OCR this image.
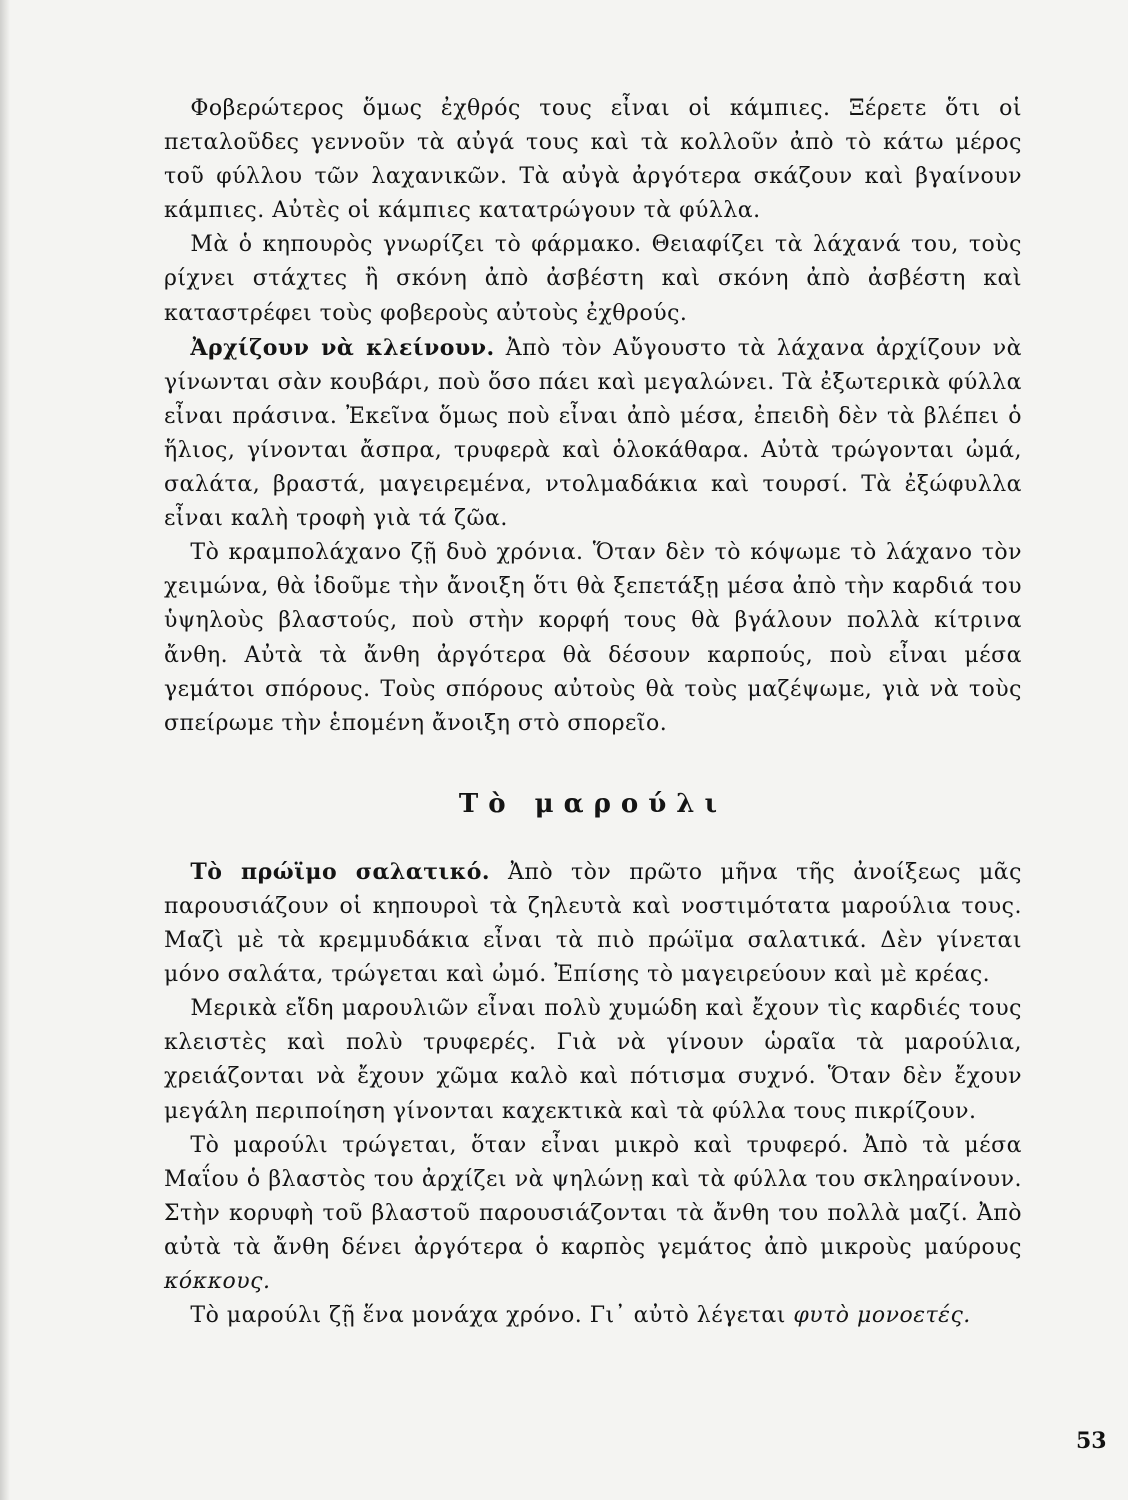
Φοβερώτερος ὅμως ἐχθρός τους εἶναι οἱ κάμπιες. Ξέρετε ὅτι οἱ πεταλοῦδες γεννοῦν τὰ αὐγά τους καὶ τὰ κολλοῦν ἀπὸ τὸ κάτω μέρος τοῦ φύλλου τῶν λαχανικῶν. Τὰ αὐγὰ ἀργότερα σκάζουν καὶ βγαίνουν κάμπιες. Αὐτὲς οἱ κάμπιες κατατρώγουν τὰ φύλλα.

Μὰ ὁ κηπουρὸς γνωρίζει τὸ φάρμακο. Θειαφίζει τὰ λάχανά του, τοὺς ρίχνει στάχτες ἢ σκόνη ἀπὸ ἀσβέστη καὶ σκόνη ἀπὸ ἀσβέστη καὶ καταστρέφει τοὺς φοβεροὺς αὐτοὺς ἐχθρούς.

Ἀρχίζουν νὰ κλείνουν. Ἀπὸ τὸν Αὔγουστο τὰ λάχανα ἀρχίζουν νὰ γίνωνται σὰν κουβάρι, ποὺ ὅσο πάει καὶ μεγαλώνει. Τὰ ἐξωτερικὰ φύλλα εἶναι πράσινα. Ἐκεῖνα ὅμως ποὺ εἶναι ἀπὸ μέσα, ἐπειδὴ δὲν τὰ βλέπει ὁ ἥλιος, γίνονται ἄσπρα, τρυφερὰ καὶ ὁλοκάθαρα. Αὐτὰ τρώγονται ὠμά, σαλάτα, βραστά, μαγειρεμένα, ντολμαδάκια καὶ τουρσί. Τὰ ἐξώφυλλα εἶναι καλὴ τροφὴ γιὰ τά ζῶα.

Τὸ κραμπολάχανο ζῇ δυὸ χρόνια. Ὅταν δὲν τὸ κόψωμε τὸ λάχανο τὸν χειμώνα, θὰ ἰδοῦμε τὴν ἄνοιξη ὅτι θὰ ξεπετάξῃ μέσα ἀπὸ τὴν καρδιά του ὑψηλοὺς βλαστούς, ποὺ στὴν κορφή τους θὰ βγάλουν πολλὰ κίτρινα ἄνθη. Αὐτὰ τὰ ἄνθη ἀργότερα θὰ δέσουν καρπούς, ποὺ εἶναι μέσα γεμάτοι σπόρους. Τοὺς σπόρους αὐτοὺς θὰ τοὺς μαζέψωμε, γιὰ νὰ τοὺς σπείρωμε τὴν ἑπομένη ἄνοιξη στὸ σπορεῖο.

Τὸ μαρούλι

Τὸ πρώϊμο σαλατικό. Ἀπὸ τὸν πρῶτο μῆνα τῆς ἀνοίξεως μᾶς παρουσιάζουν οἱ κηπουροὶ τὰ ζηλευτὰ καὶ νοστιμότατα μαρούλια τους. Μαζὶ μὲ τὰ κρεμμυδάκια εἶναι τὰ πιὸ πρώϊμα σαλατικά. Δὲν γίνεται μόνο σαλάτα, τρώγεται καὶ ὠμό. Ἐπίσης τὸ μαγειρεύουν καὶ μὲ κρέας.

Μερικὰ εἴδη μαρουλιῶν εἶναι πολὺ χυμώδη καὶ ἔχουν τὶς καρδιές τους κλειστὲς καὶ πολὺ τρυφερές. Γιὰ νὰ γίνουν ὡραῖα τὰ μαρούλια, χρειάζονται νὰ ἔχουν χῶμα καλὸ καὶ πότισμα συχνό. Ὅταν δὲν ἔχουν μεγάλη περιποίηση γίνονται καχεκτικὰ καὶ τὰ φύλλα τους πικρίζουν.

Τὸ μαρούλι τρώγεται, ὅταν εἶναι μικρὸ καὶ τρυφερό. Ἀπὸ τὰ μέσα Μαΐου ὁ βλαστὸς του ἀρχίζει νὰ ψηλώνῃ καὶ τὰ φύλλα του σκληραίνουν. Στὴν κορυφὴ τοῦ βλαστοῦ παρουσιάζονται τὰ ἄνθη του πολλὰ μαζί. Ἀπὸ αὐτὰ τὰ ἄνθη δένει ἀργότερα ὁ καρπὸς γεμάτος ἀπὸ μικροὺς μαύρους κόκκους.

Τὸ μαρούλι ζῇ ἕνα μονάχα χρόνο. Γι᾿ αὐτὸ λέγεται φυτὸ μονοετές.

53
